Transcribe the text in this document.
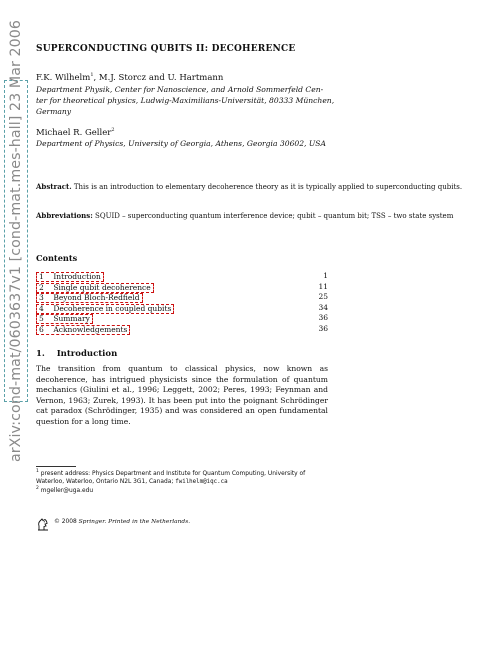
arXiv:cond-mat/0603637v1 [cond-mat.mes-hall] 23 Mar 2006 SUPERCONDUCTING QUBITS II: DECOHERENCE
F.K. Wilhelm$^1$, M.J. Storcz and U. Hartmann
Department Physik, Center for Nanoscience, and Arnold Sommerfeld Cen-
ter for theoretical physics, Ludwig-Maximilians-Universität, 80333 München,
Germany
Michael R. Geller$^2$
Department of Physics, University of Georgia, Athens, Georgia 30602, USA
Abstract. This is an introduction to elementary decoherence theory as it is typically applied to superconducting qubits.
Abbreviations: SQUID – superconducting quantum interference device; qubit – quantum bit; TSS – two state system
Contents
1 Introduction	1
2 Single qubit decoherence	11
3 Beyond Bloch-Redfield	25
4 Decoherence in coupled qubits	34
5 Summary	36
6 Acknowledgements	36
1.    Introduction
The transition from quantum to classical physics, now known as decoherence, has intrigued physicists since the formulation of quantum mechanics (Giulini et al., 1996; Leggett, 2002; Peres, 1993; Feynman and Vernon, 1963; Zurek, 1993). It has been put into the poignant Schrödinger cat paradox (Schrödinger, 1935) and was considered an open fundamental question for a long time.
$^1$ present address: Physics Department and Institute for Quantum Computing, University of Waterloo, Waterloo, Ontario N2L 3G1, Canada; fwilhelm@iqc.ca
$^2$ mgeller@uga.edu
© 2008 Springer. Printed in the Netherlands.
